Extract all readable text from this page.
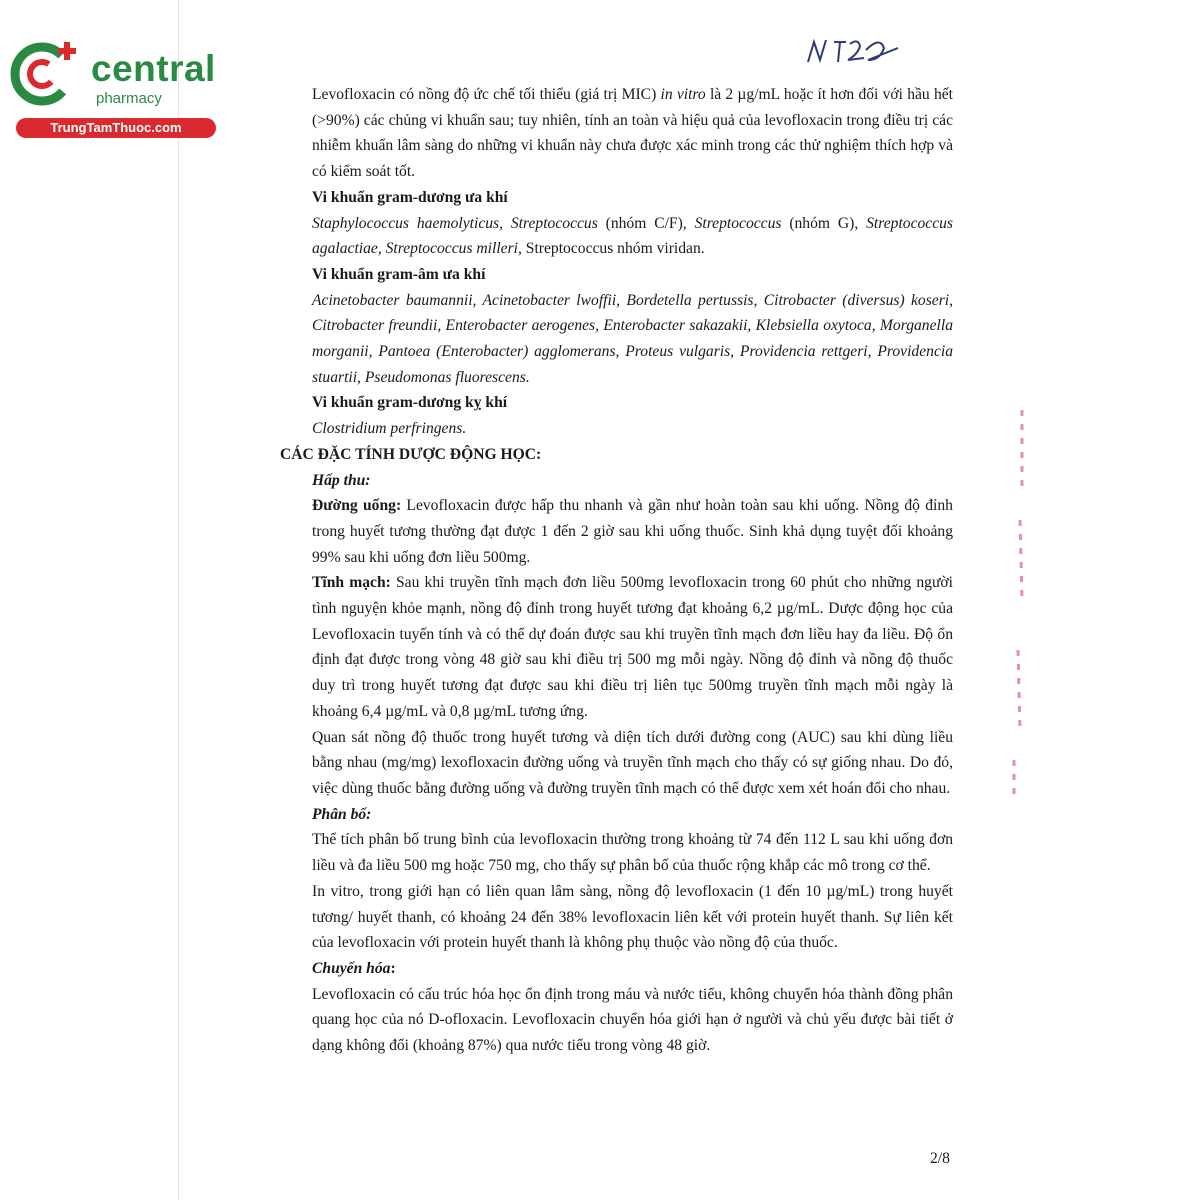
central
pharmacy
TrungTamThuoc.com

Levofloxacin có nồng độ ức chế tối thiểu (giá trị MIC) in vitro là 2 µg/mL hoặc ít hơn đối với hầu hết (>90%) các chủng vi khuẩn sau; tuy nhiên, tính an toàn và hiệu quả của levofloxacin trong điều trị các nhiễm khuẩn lâm sàng do những vi khuẩn này chưa được xác minh trong các thử nghiệm thích hợp và có kiểm soát tốt.

Vi khuẩn gram-dương ưa khí

Staphylococcus haemolyticus, Streptococcus (nhóm C/F), Streptococcus (nhóm G), Streptococcus agalactiae, Streptococcus milleri, Streptococcus nhóm viridan.

Vi khuẩn gram-âm ưa khí

Acinetobacter baumannii, Acinetobacter lwoffii, Bordetella pertussis, Citrobacter (diversus) koseri, Citrobacter freundii, Enterobacter aerogenes, Enterobacter sakazakii, Klebsiella oxytoca, Morganella morganii, Pantoea (Enterobacter) agglomerans, Proteus vulgaris, Providencia rettgeri, Providencia stuartii, Pseudomonas fluorescens.

Vi khuẩn gram-dương kỵ khí

Clostridium perfringens.

CÁC ĐẶC TÍNH DƯỢC ĐỘNG HỌC:

Hấp thu:

Đường uống: Levofloxacin được hấp thu nhanh và gần như hoàn toàn sau khi uống. Nồng độ đỉnh trong huyết tương thường đạt được 1 đến 2 giờ sau khi uống thuốc. Sinh khả dụng tuyệt đối khoảng 99% sau khi uống đơn liều 500mg.

Tĩnh mạch: Sau khi truyền tĩnh mạch đơn liều 500mg levofloxacin trong 60 phút cho những người tình nguyện khỏe mạnh, nồng độ đỉnh trong huyết tương đạt khoảng 6,2 µg/mL. Dược động học của Levofloxacin tuyến tính và có thể dự đoán được sau khi truyền tĩnh mạch đơn liều hay đa liều. Độ ổn định đạt được trong vòng 48 giờ sau khi điều trị 500 mg mỗi ngày. Nồng độ đỉnh và nồng độ thuốc duy trì trong huyết tương đạt được sau khi điều trị liên tục 500mg truyền tĩnh mạch mỗi ngày là khoảng 6,4 µg/mL và 0,8 µg/mL tương ứng.

Quan sát nồng độ thuốc trong huyết tương và diện tích dưới đường cong (AUC) sau khi dùng liều bằng nhau (mg/mg) lexofloxacin đường uống và truyền tĩnh mạch cho thấy có sự giống nhau. Do đó, việc dùng thuốc bằng đường uống và đường truyền tĩnh mạch có thể được xem xét hoán đổi cho nhau.

Phân bố:

Thể tích phân bố trung bình của levofloxacin thường trong khoảng từ 74 đến 112 L sau khi uống đơn liều và đa liều 500 mg hoặc 750 mg, cho thấy sự phân bố của thuốc rộng khắp các mô trong cơ thể.

In vitro, trong giới hạn có liên quan lâm sàng, nồng độ levofloxacin (1 đến 10 µg/mL) trong huyết tương/ huyết thanh, có khoảng 24 đến 38% levofloxacin liên kết với protein huyết thanh. Sự liên kết của levofloxacin với protein huyết thanh là không phụ thuộc vào nồng độ của thuốc.

Chuyển hóa:

Levofloxacin có cấu trúc hóa học ổn định trong máu và nước tiểu, không chuyển hóa thành đồng phân quang học của nó D-ofloxacin. Levofloxacin chuyển hóa giới hạn ở người và chủ yếu được bài tiết ở dạng không đổi (khoảng 87%) qua nước tiểu trong vòng 48 giờ.

2/8
